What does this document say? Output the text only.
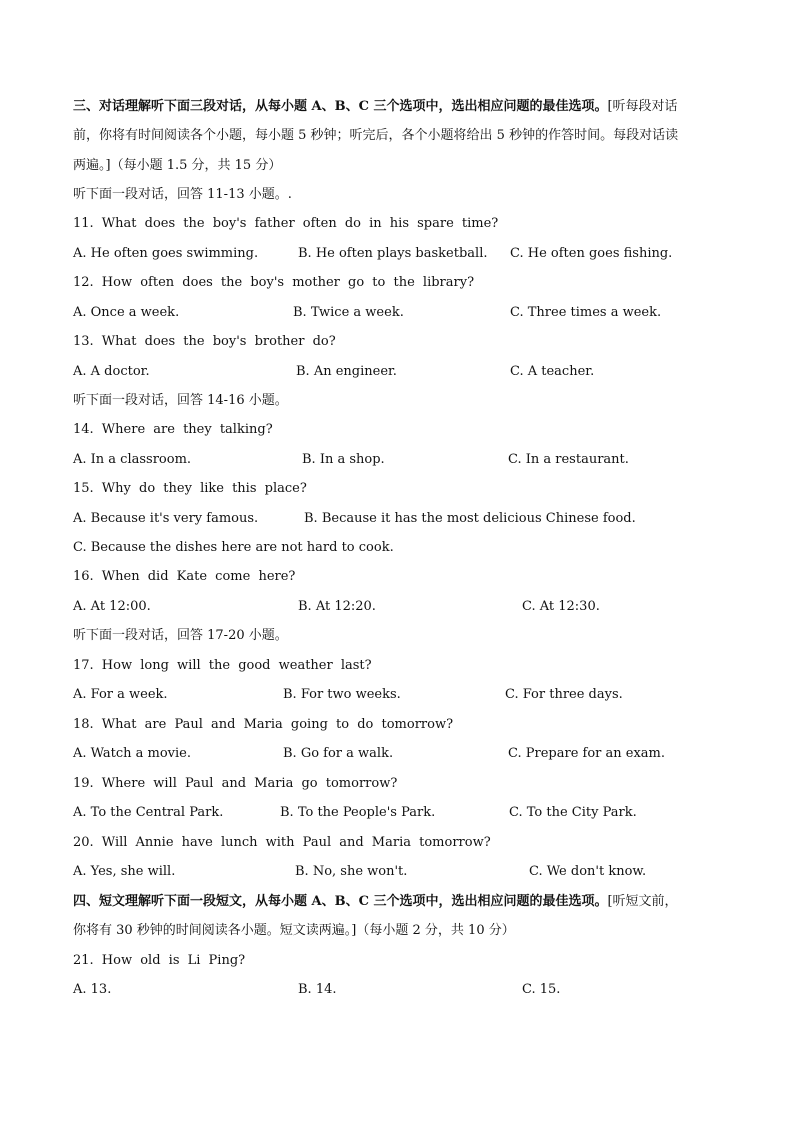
三、对话理解听下面三段对话，从每小题 A、B、C 三个选项中，选出相应问题的最佳选项。[听每段对话
前，你将有时间阅读各个小题，每小题 5 秒钟；听完后，各个小题将给出 5 秒钟的作答时间。每段对话读
两遍。]（每小题 1.5 分，共 15 分）
听下面一段对话，回答 11-13 小题。.
11. What does the boy's father often do in his spare time?
A. He often goes swimming.	B. He often plays basketball. C. He often goes fishing.
12. How often does the boy's mother go to the library?
A. Once a week.	B. Twice a week.	C. Three times a week.
13. What does the boy's brother do?
A. A doctor.	B. An engineer.	C. A teacher.
听下面一段对话，回答 14-16 小题。
14. Where are they talking?
A. In a classroom.	B. In a shop.	C. In a restaurant.
15. Why do they like this place?
A. Because it's very famous.	B. Because it has the most delicious Chinese food.
C. Because the dishes here are not hard to cook.
16. When did Kate come here?
A. At 12:00.	B. At 12:20.	C. At 12:30.
听下面一段对话，回答 17-20 小题。
17. How long will the good weather last?
A. For a week.	B. For two weeks.	C. For three days.
18. What are Paul and Maria going to do tomorrow?
A. Watch a movie.	B. Go for a walk.	C. Prepare for an exam.
19. Where will Paul and Maria go tomorrow?
A. To the Central Park.	B. To the People's Park.	C. To the City Park.
20. Will Annie have lunch with Paul and Maria tomorrow?
A. Yes, she will.	B. No, she won't.	C. We don't know.
四、短文理解听下面一段短文，从每小题 A、B、C 三个选项中，选出相应问题的最佳选项。[听短文前，
你将有 30 秒钟的时间阅读各小题。短文读两遍。]（每小题 2 分，共 10 分）
21. How old is Li Ping?
A. 13.	B. 14.	C. 15.
